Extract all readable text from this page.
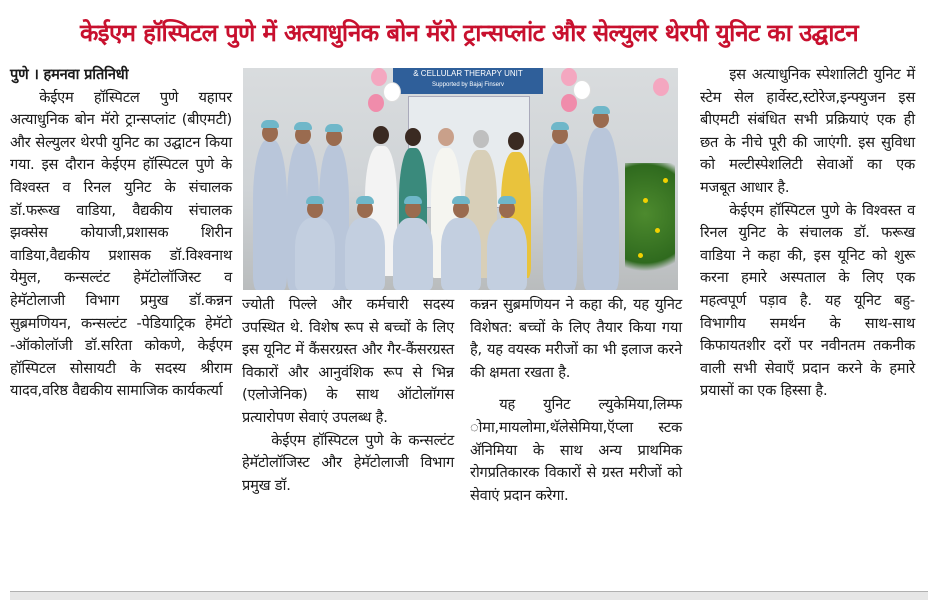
केईएम हॉस्पिटल पुणे में अत्याधुनिक बोन मॅरो ट्रान्सप्लांट और सेल्युलर थेरपी युनिट का उद्घाटन

पुणे । हमनवा प्रतिनिधी

केईएम हॉस्पिटल पुणे यहापर अत्याधुनिक बोन मॅरो ट्रान्सप्लांट (बीएमटी) और सेल्युलर थेरपी युनिट का उद्घाटन किया गया. इस दौरान केईएम हॉस्पिटल पुणे के विश्वस्त व रिनल युनिट के संचालक डॉ.फरूख वाडिया, वैद्यकीय संचालक झक्सेस कोयाजी,प्रशासक शिरीन वाडिया,वैद्यकीय प्रशासक डॉ.विश्वनाथ येमुल, कन्सल्टंट हेमॅटोलॉजिस्ट व हेमॅटोलाजी विभाग प्रमुख डॉ.कन्नन सुब्रमणियन, कन्सल्टंट -पेडियाट्रिक हेमॅटो -ऑकोलॉजी डॉ.सरिता कोकणे, केईएम हॉस्पिटल सोसायटी के सदस्य श्रीराम यादव,वरिष्ठ वैद्यकीय सामाजिक कार्यकर्त्या

& CELLULAR THERAPY UNIT
Supported by Bajaj Finserv

ज्योती पिल्ले और कर्मचारी सदस्य उपस्थित थे. विशेष रूप से बच्चों के लिए इस यूनिट में कैंसरग्रस्त और गैर-कैंसरग्रस्त विकारों और आनुवंशिक रूप से भिन्न (एलोजेनिक) के साथ ऑटोलॉगस प्रत्यारोपण सेवाएं उपलब्ध है.

केईएम हॉस्पिटल पुणे के कन्सल्टंट हेमॅटोलॉजिस्ट और हेमॅटोलाजी विभाग प्रमुख डॉ.

कन्नन सुब्रमणियन ने कहा की, यह युनिट विशेषत: बच्चों के लिए तैयार किया गया है, यह वयस्क मरीजों का भी इलाज करने की क्षमता रखता है.

यह युनिट ल्युकेमिया,लिम्फ ोमा,मायलोमा,थॅलेसेमिया,ऍप्ला स्टक ॲनिमिया के साथ अन्य प्राथमिक रोगप्रतिकारक विकारों से ग्रस्त मरीजों को सेवाएं प्रदान करेगा.

इस अत्याधुनिक स्पेशालिटी युनिट में स्टेम सेल हार्वेस्ट,स्टोरेज,इन्फ्युजन इस बीएमटी संबंधित सभी प्रक्रियाएं एक ही छत के नीचे पूरी की जाएंगी. इस सुविधा को मल्टीस्पेशलिटी सेवाओं का एक मजबूत आधार है.

केईएम हॉस्पिटल पुणे के विश्वस्त व रिनल युनिट के संचालक डॉ. फरूख वाडिया ने कहा की, इस यूनिट को शुरू करना हमारे अस्पताल के लिए एक महत्वपूर्ण पड़ाव है. यह यूनिट बहु-विभागीय समर्थन के साथ-साथ किफायतशीर दरों पर नवीनतम तकनीक वाली सभी सेवाएँ प्रदान करने के हमारे प्रयासों का एक हिस्सा है.
